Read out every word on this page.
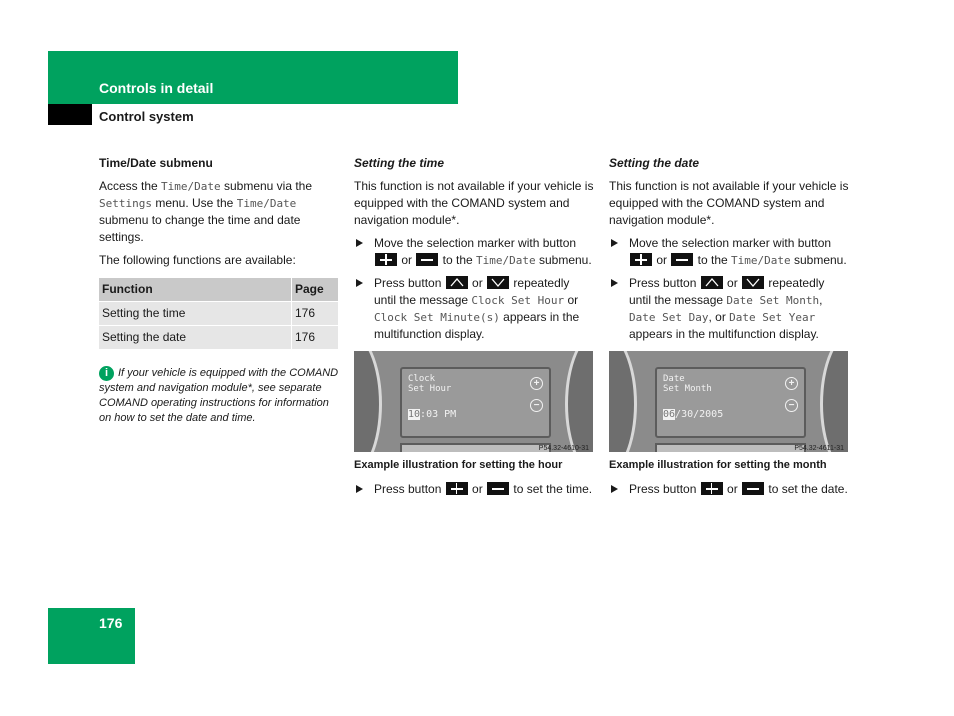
Controls in detail
Control system
Time/Date submenu

Access the Time/Date submenu via the Settings menu. Use the Time/Date submenu to change the time and date settings.

The following functions are available:

Function	Page
Setting the time	176
Setting the date	176
i If your vehicle is equipped with the COMAND system and navigation module*, see separate COMAND operating instructions for information on how to set the date and time.
Setting the time

This function is not available if your vehicle is equipped with the COMAND system and navigation module*.

Move the selection marker with button  or  to the Time/Date submenu.
Press button
or
repeatedly until the message Clock Set Hour or Clock Set Minute(s) appears in the multifunction display.
Clock
Set Hour
10:03 PM
+
−
P54.32-4610-31
Example illustration for setting the hour
Press button  or  to set the time.
Setting the date

This function is not available if your vehicle is equipped with the COMAND system and navigation module*.

Move the selection marker with button  or  to the Time/Date submenu.
Press button
or
repeatedly until the message Date Set Month, Date Set Day, or Date Set Year appears in the multifunction display.
Date
Set Month
06/30/2005
+
−
P54.32-4611-31
Example illustration for setting the month
Press button  or  to set the date.
176
